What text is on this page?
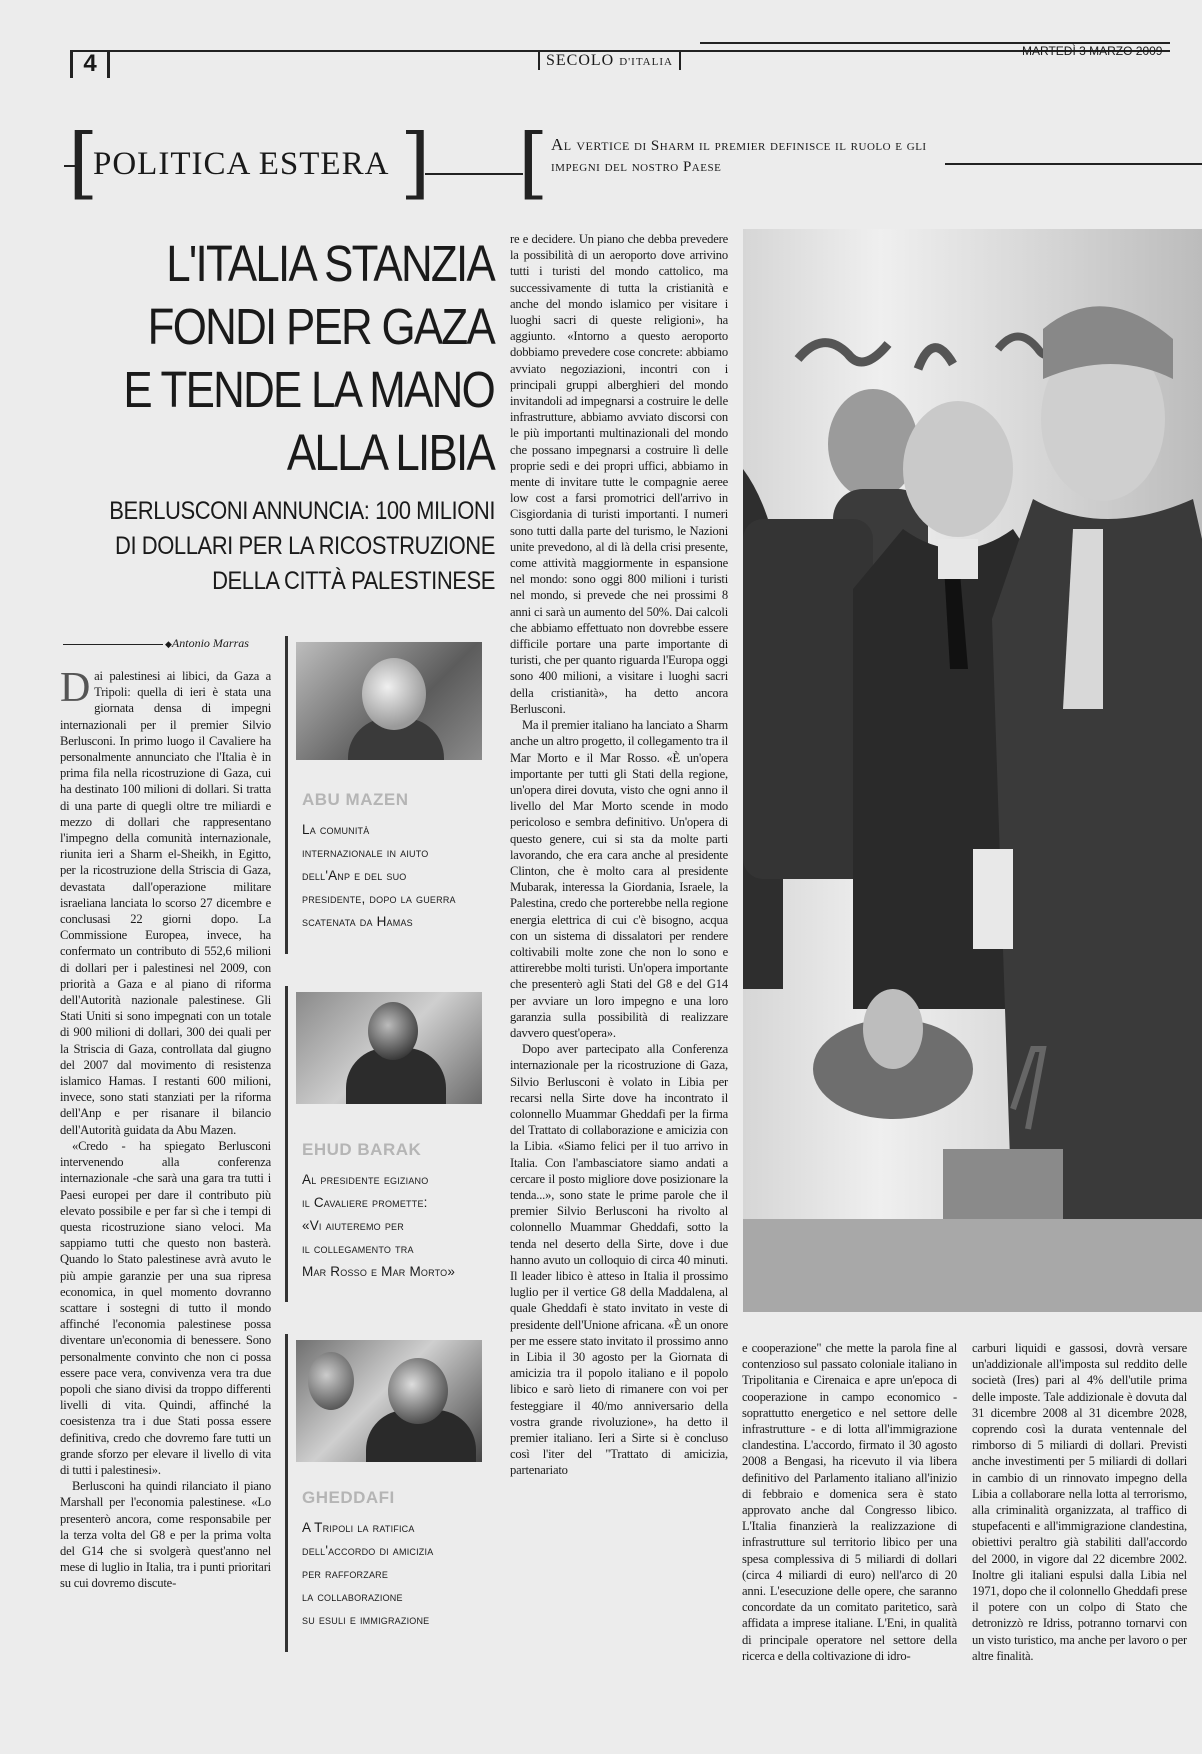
4	SECOLO D'ITALIA
MARTEDÌ 3 MARZO 2009
[
POLITICA ESTERA ] [ Al vertice di Sharm il premier definisce il ruolo e gli impegni del nostro Paese
L'ITALIA STANZIA
FONDI PER GAZA
E TENDE LA MANO
ALLA LIBIA
BERLUSCONI ANNUNCIA: 100 MILIONI
DI DOLLARI PER LA RICOSTRUZIONE
DELLA CITTÀ PALESTINESE
◆ Antonio Marras
D ai palestinesi ai libici, da Gaza a Tripoli: quella di ieri è stata una giornata densa di impegni internazionali per il premier Silvio Berlusconi. In primo luogo il Cavaliere ha personalmente annunciato che l'Italia è in prima fila nella ricostruzione di Gaza, cui ha destinato 100 milioni di dollari. Si tratta di una parte di quegli oltre tre miliardi e mezzo di dollari che rappresentano l'impegno della comunità internazionale, riunita ieri a Sharm el-Sheikh, in Egitto, per la ricostruzione della Striscia di Gaza, devastata dall'operazione militare israeliana lanciata lo scorso 27 dicembre e conclusasi 22 giorni dopo. La Commissione Europea, invece, ha confermato un contributo di 552,6 milioni di dollari per i palestinesi nel 2009, con priorità a Gaza e al piano di riforma dell'Autorità nazionale palestinese. Gli Stati Uniti si sono impegnati con un totale di 900 milioni di dollari, 300 dei quali per la Striscia di Gaza, controllata dal giugno del 2007 dal movimento di resistenza islamico Hamas. I restanti 600 milioni, invece, sono stati stanziati per la riforma dell'Anp e per risanare il bilancio dell'Autorità guidata da Abu Mazen.

«Credo - ha spiegato Berlusconi intervenendo alla conferenza internazionale -che sarà una gara tra tutti i Paesi europei per dare il contributo più elevato possibile e per far sì che i tempi di questa ricostruzione siano veloci. Ma sappiamo tutti che questo non basterà. Quando lo Stato palestinese avrà avuto le più ampie garanzie per una sua ripresa economica, in quel momento dovranno scattare i sostegni di tutto il mondo affinché l'economia palestinese possa diventare un'economia di benessere. Sono personalmente convinto che non ci possa essere pace vera, convivenza vera tra due popoli che siano divisi da troppo differenti livelli di vita. Quindi, affinché la coesistenza tra i due Stati possa essere definitiva, credo che dovremo fare tutti un grande sforzo per elevare il livello di vita di tutti i palestinesi».

Berlusconi ha quindi rilanciato il piano Marshall per l'economia palestinese. «Lo presenterò ancora, come responsabile per la terza volta del G8 e per la prima volta del G14 che si svolgerà quest'anno nel mese di luglio in Italia, tra i punti prioritari su cui dovremo discute-

re e decidere. Un piano che debba prevedere la possibilità di un aeroporto dove arrivino tutti i turisti del mondo cattolico, ma successivamente di tutta la cristianità e anche del mondo islamico per visitare i luoghi sacri di queste religioni», ha aggiunto. «Intorno a questo aeroporto dobbiamo prevedere cose concrete: abbiamo avviato negoziazioni, incontri con i principali gruppi alberghieri del mondo invitandoli ad impegnarsi a costruire le delle infrastrutture, abbiamo avviato discorsi con le più importanti multinazionali del mondo che possano impegnarsi a costruire lì delle proprie sedi e dei propri uffici, abbiamo in mente di invitare tutte le compagnie aeree low cost a farsi promotrici dell'arrivo in Cisgiordania di turisti importanti. I numeri sono tutti dalla parte del turismo, le Nazioni unite prevedono, al di là della crisi presente, come attività maggiormente in espansione nel mondo: sono oggi 800 milioni i turisti nel mondo, si prevede che nei prossimi 8 anni ci sarà un aumento del 50%. Dai calcoli che abbiamo effettuato non dovrebbe essere difficile portare una parte importante di turisti, che per quanto riguarda l'Europa oggi sono 400 milioni, a visitare i luoghi sacri della cristianità», ha detto ancora Berlusconi.

Ma il premier italiano ha lanciato a Sharm anche un altro progetto, il collegamento tra il Mar Morto e il Mar Rosso. «È un'opera importante per tutti gli Stati della regione, un'opera direi dovuta, visto che ogni anno il livello del Mar Morto scende in modo pericoloso e sembra definitivo. Un'opera di questo genere, cui si sta da molte parti lavorando, che era cara anche al presidente Clinton, che è molto cara al presidente Mubarak, interessa la Giordania, Israele, la Palestina, credo che porterebbe nella regione energia elettrica di cui c'è bisogno, acqua con un sistema di dissalatori per rendere coltivabili molte zone che non lo sono e attirerebbe molti turisti. Un'opera importante che presenterò agli Stati del G8 e del G14 per avviare un loro impegno e una loro garanzia sulla possibilità di realizzare davvero quest'opera».

Dopo aver partecipato alla Conferenza internazionale per la ricostruzione di Gaza, Silvio Berlusconi è volato in Libia per recarsi nella Sirte dove ha incontrato il colonnello Muammar Gheddafi per la firma del Trattato di collaborazione e amicizia con la Libia. «Siamo felici per il tuo arrivo in Italia. Con l'ambasciatore siamo andati a cercare il posto migliore dove posizionare la tenda...», sono state le prime parole che il premier Silvio Berlusconi ha rivolto al colonnello Muammar Gheddafi, sotto la tenda nel deserto della Sirte, dove i due hanno avuto un colloquio di circa 40 minuti. Il leader libico è atteso in Italia il prossimo luglio per il vertice G8 della Maddalena, al quale Gheddafi è stato invitato in veste di presidente dell'Unione africana. «È un onore per me essere stato invitato il prossimo anno in Libia il 30 agosto per la Giornata di amicizia tra il popolo italiano e il popolo libico e sarò lieto di rimanere con voi per festeggiare il 40/mo anniversario della vostra grande rivoluzione», ha detto il premier italiano. Ieri a Sirte si è concluso così l'iter del "Trattato di amicizia, partenariato

e cooperazione" che mette la parola fine al contenzioso sul passato coloniale italiano in Tripolitania e Cirenaica e apre un'epoca di cooperazione in campo economico - soprattutto energetico e nel settore delle infrastrutture - e di lotta all'immigrazione clandestina. L'accordo, firmato il 30 agosto 2008 a Bengasi, ha ricevuto il via libera definitivo del Parlamento italiano all'inizio di febbraio e domenica sera è stato approvato anche dal Congresso libico. L'Italia finanzierà la realizzazione di infrastrutture sul territorio libico per una spesa complessiva di 5 miliardi di dollari (circa 4 miliardi di euro) nell'arco di 20 anni. L'esecuzione delle opere, che saranno concordate da un comitato paritetico, sarà affidata a imprese italiane. L'Eni, in qualità di principale operatore nel settore della ricerca e della coltivazione di idro-

carburi liquidi e gassosi, dovrà versare un'addizionale all'imposta sul reddito delle società (Ires) pari al 4% dell'utile prima delle imposte. Tale addizionale è dovuta dal 31 dicembre 2008 al 31 dicembre 2028, coprendo così la durata ventennale del rimborso di 5 miliardi di dollari. Previsti anche investimenti per 5 miliardi di dollari in cambio di un rinnovato impegno della Libia a collaborare nella lotta al terrorismo, alla criminalità organizzata, al traffico di stupefacenti e all'immigrazione clandestina, obiettivi peraltro già stabiliti dall'accordo del 2000, in vigore dal 22 dicembre 2002. Inoltre gli italiani espulsi dalla Libia nel 1971, dopo che il colonnello Gheddafi prese il potere con un colpo di Stato che detronizzò re Idriss, potranno tornarvi con un visto turistico, ma anche per lavoro o per altre finalità.

ABU MAZEN
La comunità
internazionale in aiuto
dell'Anp e del suo
presidente, dopo la guerra
scatenata da Hamas
EHUD BARAK
Al presidente egiziano
il Cavaliere promette:
«Vi aiuteremo per
il collegamento tra
Mar Rosso e Mar Morto»
GHEDDAFI
A Tripoli la ratifica
dell'accordo di amicizia
per rafforzare
la collaborazione
su esuli e immigrazione
